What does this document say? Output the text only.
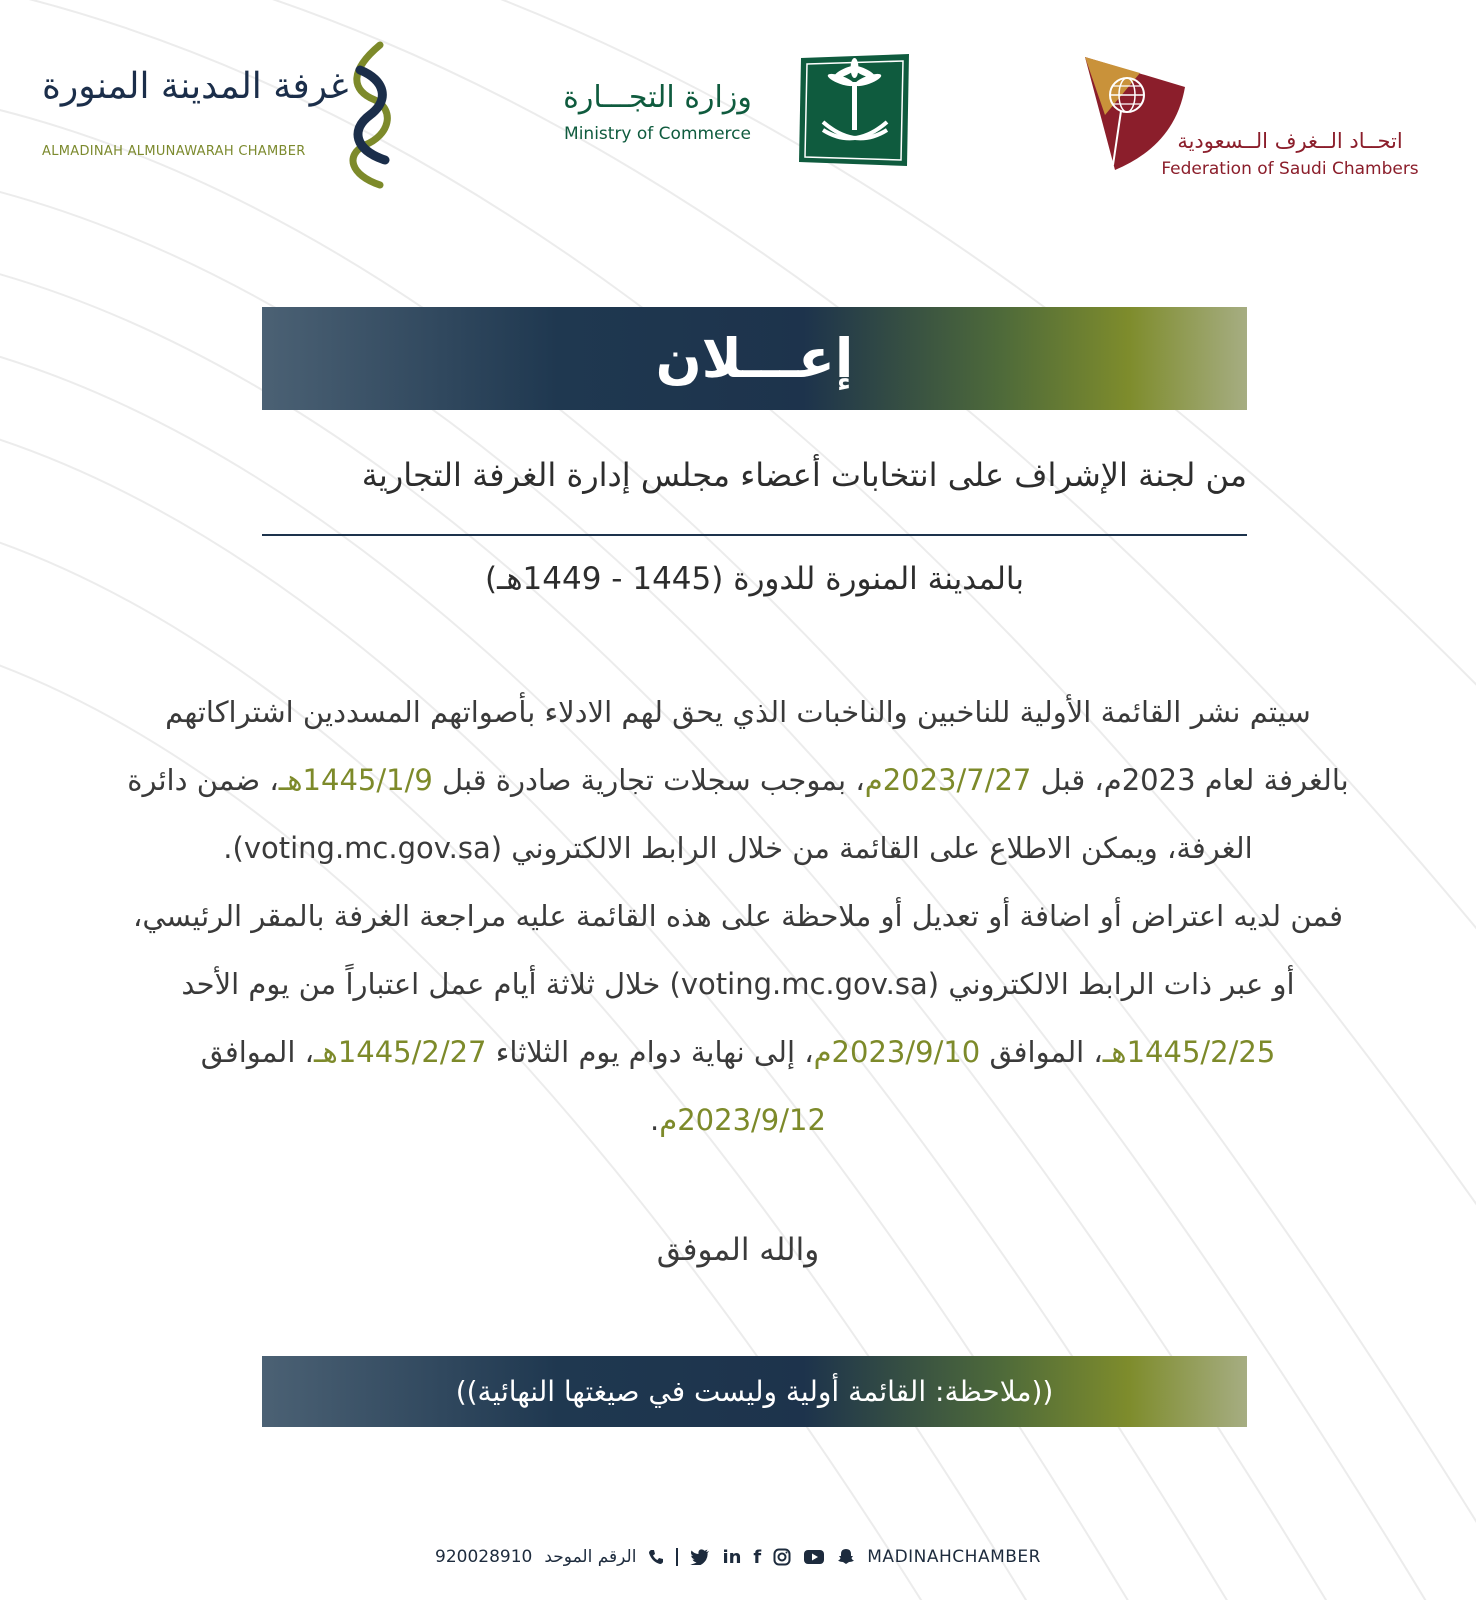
غرفة المدينة المنورة
ALMADINAH ALMUNAWARAH CHAMBER
وزارة التجـــارة
Ministry of Commerce	اتحــاد الــغرف الــسعودية
Federation of Saudi Chambers
إعـــلان
من لجنة الإشراف على انتخابات أعضاء مجلس إدارة الغرفة التجارية
بالمدينة المنورة للدورة (1445 - 1449هـ)
سيتم نشر القائمة الأولية للناخبين والناخبات الذي يحق لهم الادلاء بأصواتهم المسددين اشتراكاتهم
بالغرفة لعام 2023م، قبل 2023/7/27م، بموجب سجلات تجارية صادرة قبل 1445/1/9هـ، ضمن دائرة
الغرفة، ويمكن الاطلاع على القائمة من خلال الرابط الالكتروني (voting.mc.gov.sa).
فمن لديه اعتراض أو اضافة أو تعديل أو ملاحظة على هذه القائمة عليه مراجعة الغرفة بالمقر الرئيسي،
أو عبر ذات الرابط الالكتروني (voting.mc.gov.sa) خلال ثلاثة أيام عمل اعتباراً من يوم الأحد
1445/2/25هـ، الموافق 2023/9/10م، إلى نهاية دوام يوم الثلاثاء 1445/2/27هـ، الموافق
2023/9/12م.
والله الموفق
((ملاحظة: القائمة أولية وليست في صيغتها النهائية))
920028910 الرقم الموحد	in f	MADINAHCHAMBER
